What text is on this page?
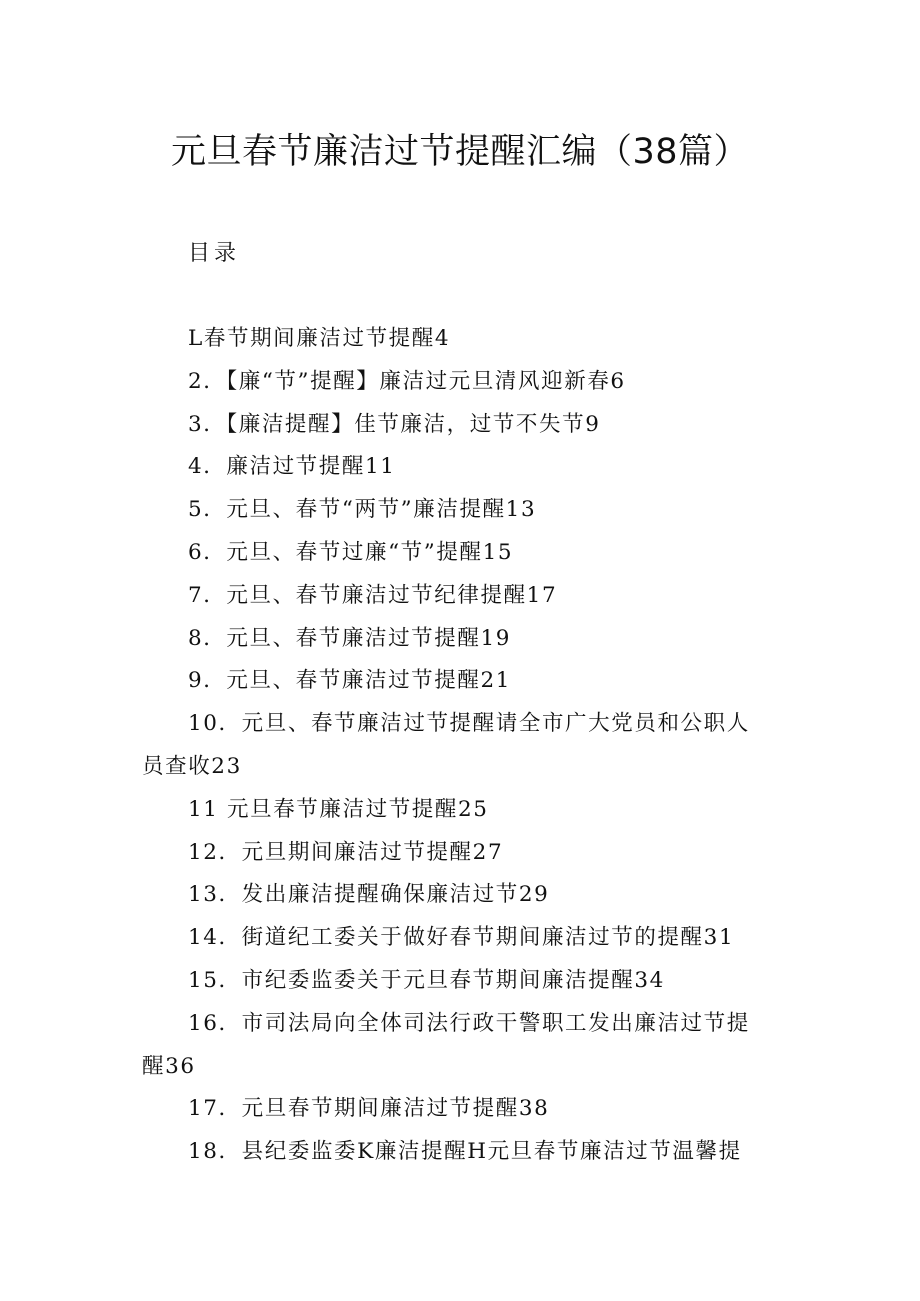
元旦春节廉洁过节提醒汇编（38篇）
目录
L春节期间廉洁过节提醒4
2．【廉“节”提醒】廉洁过元旦清风迎新春6
3．【廉洁提醒】佳节廉洁，过节不失节9
4．廉洁过节提醒11
5．元旦、春节“两节”廉洁提醒13
6．元旦、春节过廉“节”提醒15
7．元旦、春节廉洁过节纪律提醒17
8．元旦、春节廉洁过节提醒19
9．元旦、春节廉洁过节提醒21
10．元旦、春节廉洁过节提醒请全市广大党员和公职人
员查收23
11 元旦春节廉洁过节提醒25
12．元旦期间廉洁过节提醒27
13．发出廉洁提醒确保廉洁过节29
14．街道纪工委关于做好春节期间廉洁过节的提醒31
15．市纪委监委关于元旦春节期间廉洁提醒34
16．市司法局向全体司法行政干警职工发出廉洁过节提
醒36
17．元旦春节期间廉洁过节提醒38
18．县纪委监委K廉洁提醒H元旦春节廉洁过节温馨提
